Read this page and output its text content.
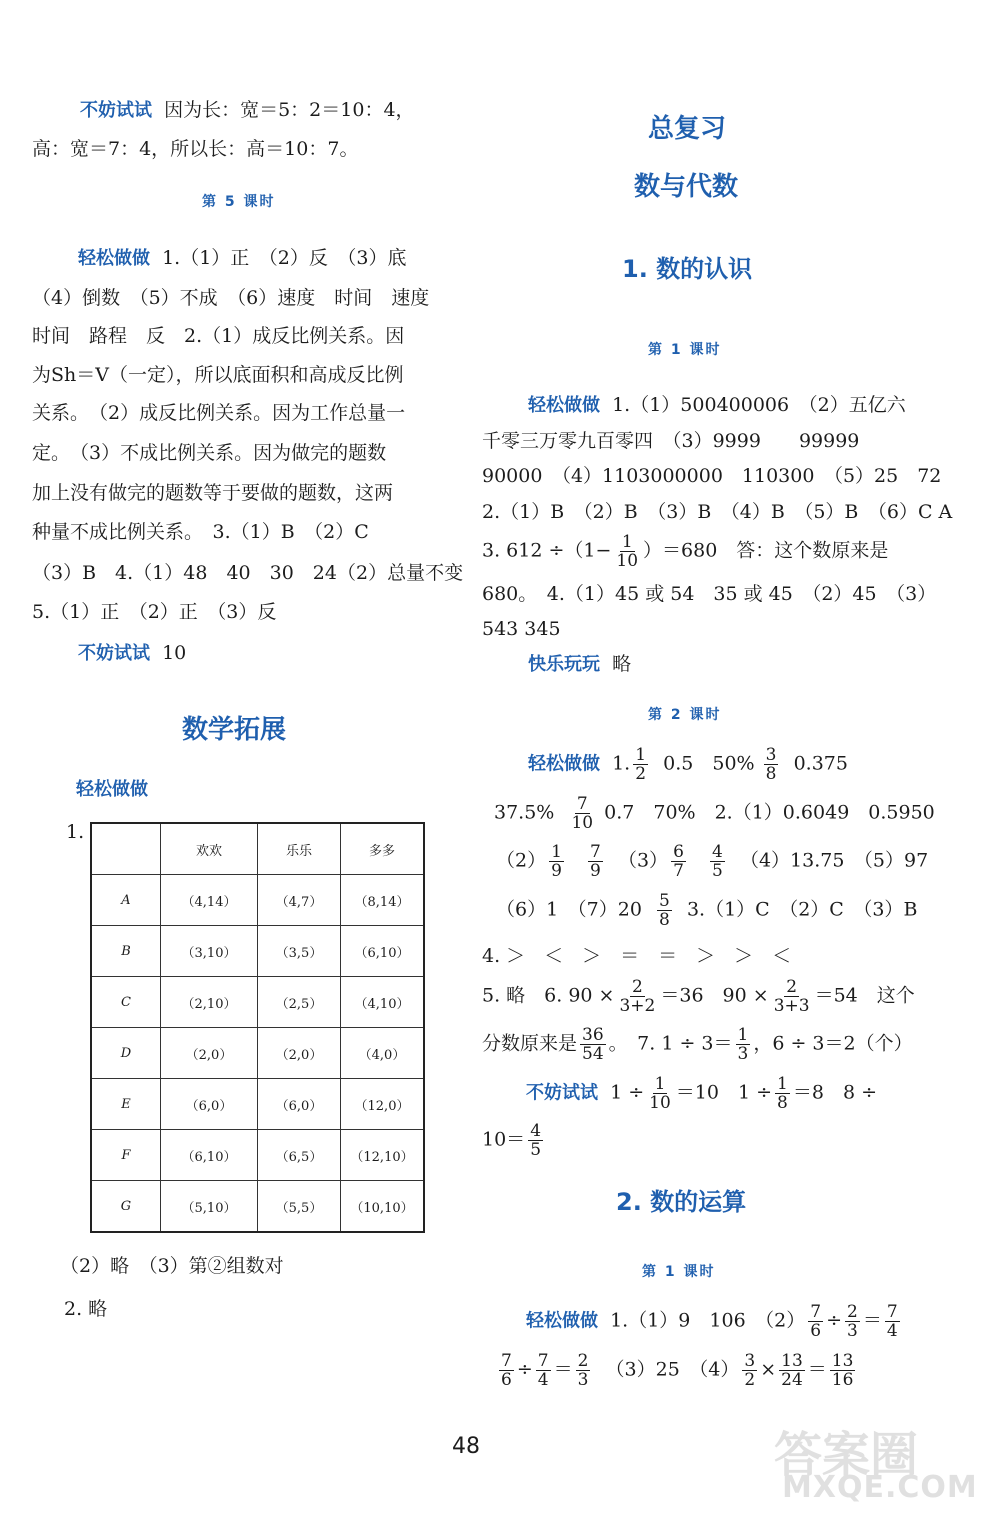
不妨试试 因为长：宽＝5：2＝10：4，
高：宽＝7：4，所以长：高＝10：7。
第 5 课时
轻松做做 1.（1）正　（2）反　（3）底
（4）倒数　（5）不成　（6）速度　时间　速度
时间　路程　反　2.（1）成反比例关系。因
为Sh＝V（一定），所以底面积和高成反比例
关系。　（2）成反比例关系。因为工作总量一
定。　（3）不成比例关系。因为做完的题数
加上没有做完的题数等于要做的题数，这两
种量不成比例关系。　3.（1）B　（2）C
（3）B　4.（1）48　40　30　24（2）总量不变
5.（1）正　（2）正　（3）反
不妨试试 10
数学拓展
轻松做做
1.
	欢欢	乐乐	多多
A	（4,14）	（4,7）	（8,14）
B	（3,10）	（3,5）	（6,10）
C	（2,10）	（2,5）	（4,10）
D	（2,0）	（2,0）	（4,0）
E	（6,0）	（6,0）	（12,0）
F	（6,10）	（6,5）	（12,10）
G	（5,10）	（5,5）	（10,10）
（2）略　（3）第②组数对
2. 略
总复习
数与代数
1. 数的认识
第 1 课时
轻松做做 1.（1）500400006　（2）五亿六
千零三万零九百零四　（3）9999　　99999
90000　（4）1103000000　110300　（5）25　72
2.（1）B　（2）B　（3）B　（4）B　（5）B　（6）C A
3. $612 \div(1- \frac{1}{10} )=680$　答：这个数原来是
680。　4.（1）45 或 54　35 或 45　（2）45　（3）
543 345
快乐玩玩 略
第 2 课时
轻松做做 1. $\frac{1}{2} 0.5$　$50\% \frac{3}{8} 0.375$
$37.5\% \frac{7}{10} 0.7$　70%　2.（1）0.6049　0.5950
$(2) \frac{1}{9}$
$\frac{7}{9} (3) \frac{6}{7}$
$\frac{4}{5} (4)13.75$　（5）97
（6）1　$(7)20 \frac{5}{8} 3.(1)C$　（2）C　（3）B
4. ＞　＜　＞　＝　＝　＞　＞　＜
5. 略　6. $90 \times \frac{2}{3+2} =36$　$90 \times \frac{2}{3+3} =54$　这个
分数原来是 $\frac{36}{54}$ 。　7. $1 \div 3= \frac{1}{3}$ ，6 ÷ 3＝2（个）
不妨试试 $1 \div \frac{1}{10} =10$　$1 \div \frac{1}{8} =8$　8 ÷
$10= \frac{4}{5}$
2. 数的运算
第 1 课时
轻松做做 1.（1）9　106　$(2) \frac{7}{6} \div \frac{2}{3} = \frac{7}{4}$
$\frac{7}{6} \div \frac{7}{4} = \frac{2}{3} (3)25$　$(4) \frac{3}{2} \times \frac{13}{24} = \frac{13}{16}$
48	答案圈
MXQE.COM
